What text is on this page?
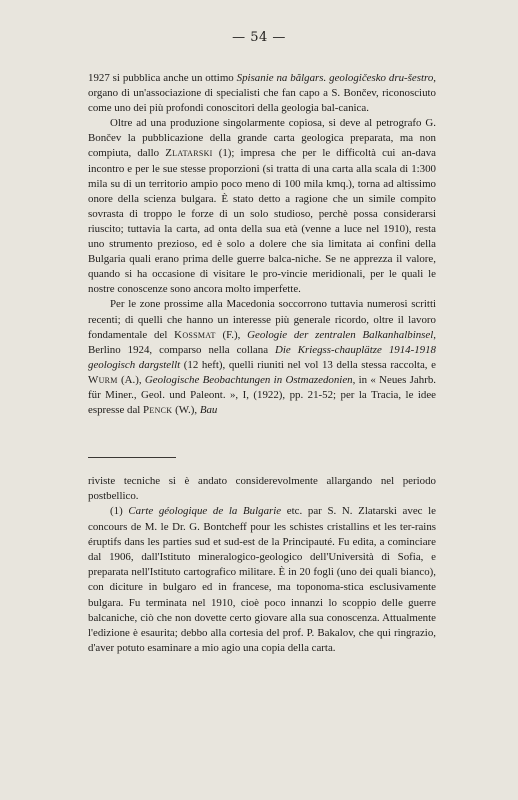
— 54 —

1927 si pubblica anche un ottimo Spisanie na bălgars. geologičesko dru-šestro, organo di un'associazione di specialisti che fan capo a S. Bončev, riconosciuto come uno dei più profondi conoscitori della geologia bal-canica.

Oltre ad una produzione singolarmente copiosa, si deve al petrografo G. Bončev la pubblicazione della grande carta geologica preparata, ma non compiuta, dallo Zlatarski (1); impresa che per le difficoltà cui an-dava incontro e per le sue stesse proporzioni (si tratta di una carta alla scala di 1:300 mila su di un territorio ampio poco meno di 100 mila kmq.), torna ad altissimo onore della scienza bulgara. È stato detto a ragione che un simile compito sovrasta di troppo le forze di un solo studioso, perchè possa considerarsi riuscito; tuttavia la carta, ad onta della sua età (venne a luce nel 1910), resta uno strumento prezioso, ed è solo a dolere che sia limitata ai confini della Bulgaria quali erano prima delle guerre balca-niche. Se ne apprezza il valore, quando si ha occasione di visitare le pro-vincie meridionali, per le quali le nostre conoscenze sono ancora molto imperfette.

Per le zone prossime alla Macedonia soccorrono tuttavia numerosi scritti recenti; di quelli che hanno un interesse più generale ricordo, oltre il lavoro fondamentale del Kossmat (F.), Geologie der zentralen Balkanhalbinsel, Berlino 1924, comparso nella collana Die Kriegss-chauplätze 1914-1918 geologisch dargstellt (12 heft), quelli riuniti nel vol 13 della stessa raccolta, e Wurm (A.), Geologische Beobachtungen in Ostmazedonien, in « Neues Jahrb. für Miner., Geol. und Paleont. », I, (1922), pp. 21-52; per la Tracia, le idee espresse dal Penck (W.), Bau

riviste tecniche si è andato considerevolmente allargando nel periodo postbellico.

(1) Carte géologique de la Bulgarie etc. par S. N. Zlatarski avec le concours de M. le Dr. G. Bontcheff pour les schistes cristallins et les ter-rains éruptifs dans les parties sud et sud-est de la Principauté. Fu edita, a cominciare dal 1906, dall'Istituto mineralogico-geologico dell'Università di Sofia, e preparata nell'Istituto cartografico militare. È in 20 fogli (uno dei quali bianco), con diciture in bulgaro ed in francese, ma toponoma-stica esclusivamente bulgara. Fu terminata nel 1910, cioè poco innanzi lo scoppio delle guerre balcaniche, ciò che non dovette certo giovare alla sua conoscenza. Attualmente l'edizione è esaurita; debbo alla cortesia del prof. P. Bakalov, che qui ringrazio, d'aver potuto esaminare a mio agio una copia della carta.
